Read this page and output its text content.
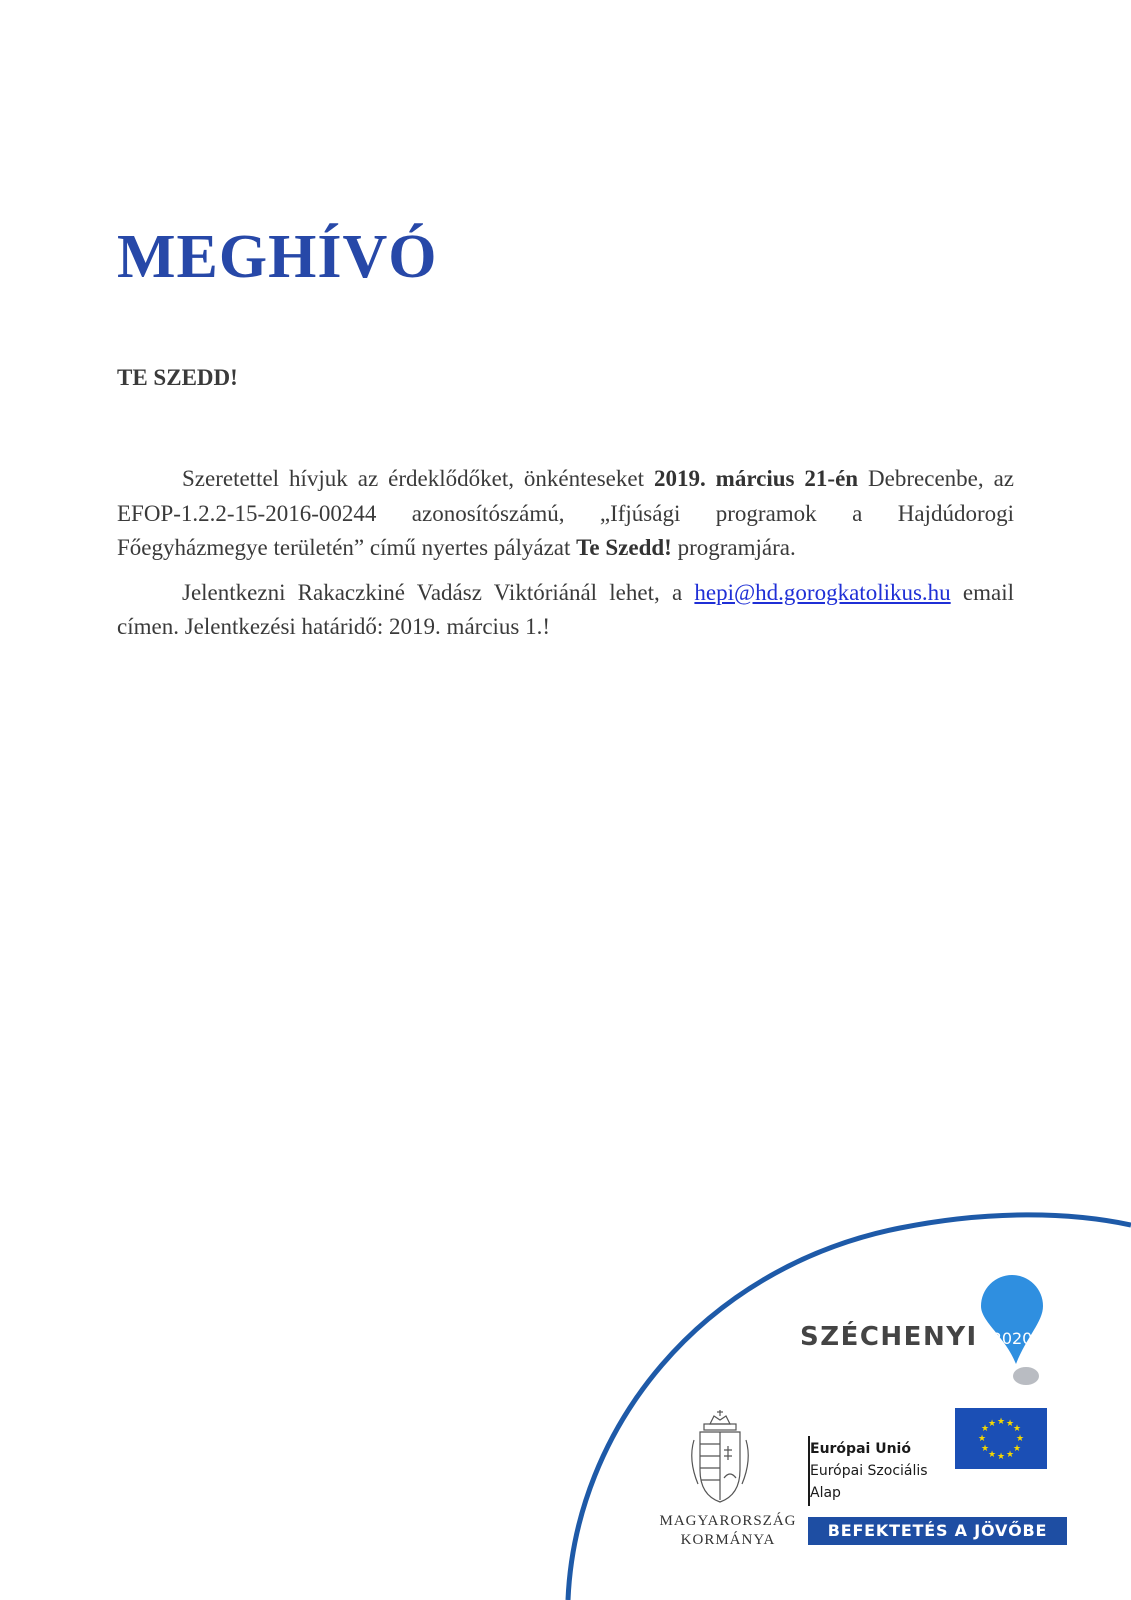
MEGHÍVÓ
TE SZEDD!

Szeretettel hívjuk az érdeklődőket, önkénteseket 2019. március 21-én Debrecenbe, az EFOP-1.2.2-15-2016-00244 azonosítószámú, „Ifjúsági programok a Hajdúdorogi Főegyházmegye területén” című nyertes pályázat Te Szedd! programjára.

Jelentkezni Rakaczkiné Vadász Viktóriánál lehet, a hepi@hd.gorogkatolikus.hu email címen. Jelentkezési határidő: 2019. március 1.!

2020
★ ★
★
★
★
★
★
★
★
★
★
★
SZÉCHENYI
MAGYARORSZÁG
KORMÁNYA
Európai Unió
Európai Szociális
Alap
BEFEKTETÉS A JÖVŐBE
